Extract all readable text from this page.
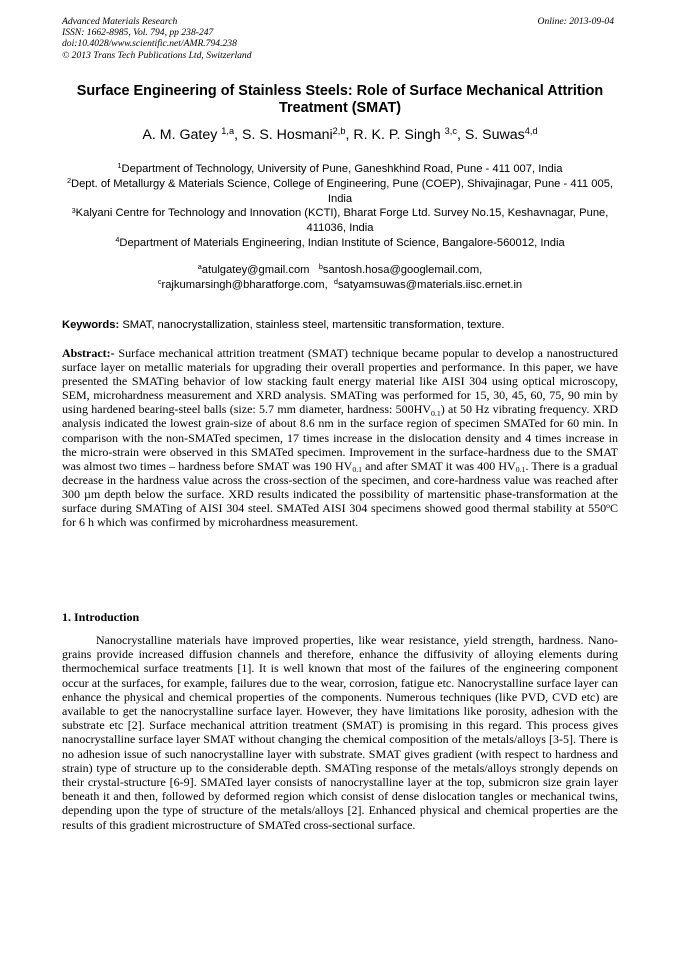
Advanced Materials Research
ISSN: 1662-8985, Vol. 794, pp 238-247
doi:10.4028/www.scientific.net/AMR.794.238
© 2013 Trans Tech Publications Ltd, Switzerland
Online: 2013-09-04
Surface Engineering of Stainless Steels: Role of Surface Mechanical Attrition Treatment (SMAT)
A. M. Gatey $^{1,a}$, S. S. Hosmani$^{2,b}$, R. K. P. Singh $^{3,c}$, S. Suwas$^{4,d}$
$^1$Department of Technology, University of Pune, Ganeshkhind Road, Pune - 411 007, India
$^2$Dept. of Metallurgy & Materials Science, College of Engineering, Pune (COEP), Shivajinagar, Pune - 411 005, India
$^3$Kalyani Centre for Technology and Innovation (KCTI), Bharat Forge Ltd. Survey No.15, Keshavnagar, Pune, 411036, India
$^4$Department of Materials Engineering, Indian Institute of Science, Bangalore-560012, India
$^a$atulgatey@gmail.com $^b$santosh.hosa@googlemail.com,
$^c$rajkumarsingh@bharatforge.com, $^d$satyamsuwas@materials.iisc.ernet.in
Keywords: SMAT, nanocrystallization, stainless steel, martensitic transformation, texture.
Abstract:- Surface mechanical attrition treatment (SMAT) technique became popular to develop a nanostructured surface layer on metallic materials for upgrading their overall properties and performance. In this paper, we have presented the SMATing behavior of low stacking fault energy material like AISI 304 using optical microscopy, SEM, microhardness measurement and XRD analysis. SMATing was performed for 15, 30, 45, 60, 75, 90 min by using hardened bearing-steel balls (size: 5.7 mm diameter, hardness: $500HV_{0.1}$) at 50 Hz vibrating frequency. XRD analysis indicated the lowest grain-size of about 8.6 nm in the surface region of specimen SMATed for 60 min. In comparison with the non-SMATed specimen, 17 times increase in the dislocation density and 4 times increase in the micro-strain were observed in this SMATed specimen. Improvement in the surface-hardness due to the SMAT was almost two times – hardness before SMAT was 190 $HV_{0.1}$ and after SMAT it was 400 $HV_{0.1}$. There is a gradual decrease in the hardness value across the cross-section of the specimen, and core-hardness value was reached after 300 µm depth below the surface. XRD results indicated the possibility of martensitic phase-transformation at the surface during SMATing of AISI 304 steel. SMATed AISI 304 specimens showed good thermal stability at 550$^o$C for 6 h which was confirmed by microhardness measurement.
1. Introduction
Nanocrystalline materials have improved properties, like wear resistance, yield strength, hardness. Nano-grains provide increased diffusion channels and therefore, enhance the diffusivity of alloying elements during thermochemical surface treatments [1]. It is well known that most of the failures of the engineering component occur at the surfaces, for example, failures due to the wear, corrosion, fatigue etc. Nanocrystalline surface layer can enhance the physical and chemical properties of the components. Numerous techniques (like PVD, CVD etc) are available to get the nanocrystalline surface layer. However, they have limitations like porosity, adhesion with the substrate etc [2]. Surface mechanical attrition treatment (SMAT) is promising in this regard. This process gives nanocrystalline surface layer SMAT without changing the chemical composition of the metals/alloys [3-5]. There is no adhesion issue of such nanocrystalline layer with substrate. SMAT gives gradient (with respect to hardness and strain) type of structure up to the considerable depth. SMATing response of the metals/alloys strongly depends on their crystal-structure [6-9]. SMATed layer consists of nanocrystalline layer at the top, submicron size grain layer beneath it and then, followed by deformed region which consist of dense dislocation tangles or mechanical twins, depending upon the type of structure of the metals/alloys [2]. Enhanced physical and chemical properties are the results of this gradient microstructure of SMATed cross-sectional surface.
